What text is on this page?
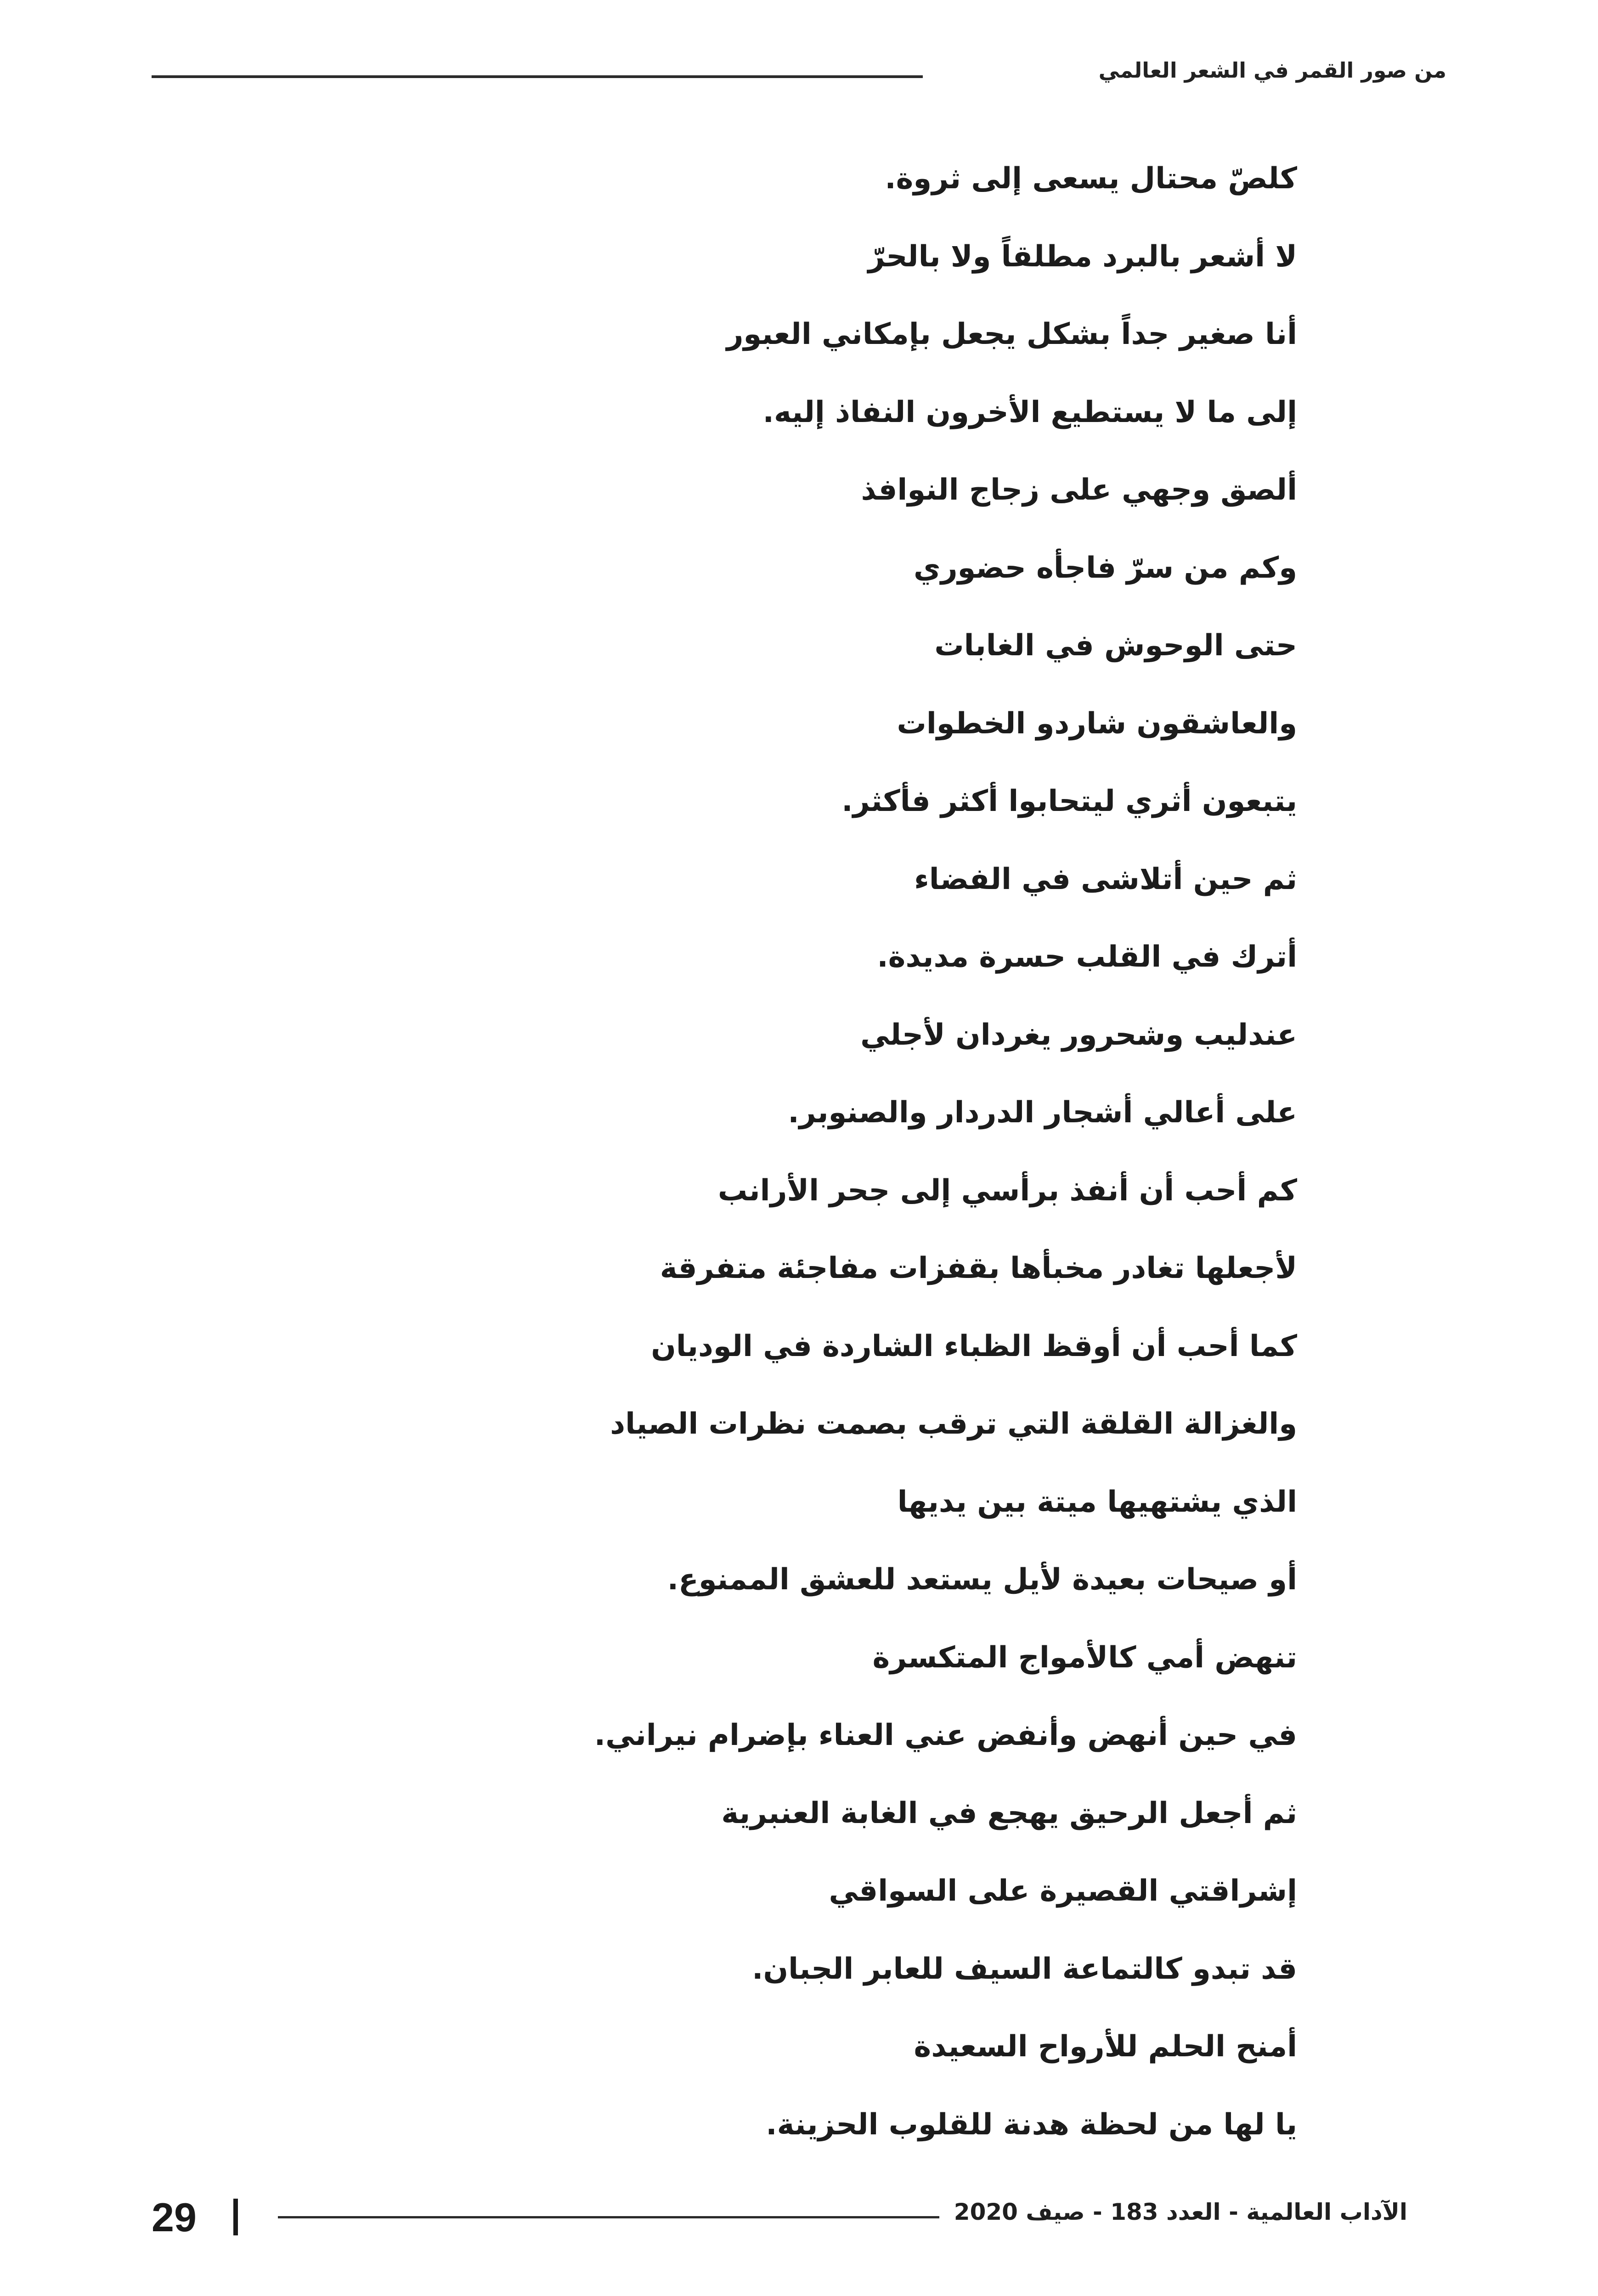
من صور القمر في الشعر العالمي
كلصّ محتال يسعى إلى ثروة.
لا أشعر بالبرد مطلقاً ولا بالحرّ
أنا صغير جداً بشكل يجعل بإمكاني العبور
إلى ما لا يستطيع الأخرون النفاذ إليه.
ألصق وجهي على زجاج النوافذ
وكم من سرّ فاجأه حضوري
حتى الوحوش في الغابات
والعاشقون شاردو الخطوات
يتبعون أثري ليتحابوا أكثر فأكثر.
ثم حين أتلاشى في الفضاء
أترك في القلب حسرة مديدة.
عندليب وشحرور يغردان لأجلي
على أعالي أشجار الدردار والصنوبر.
كم أحب أن أنفذ برأسي إلى جحر الأرانب
لأجعلها تغادر مخبأها بقفزات مفاجئة متفرقة
كما أحب أن أوقظ الظباء الشاردة في الوديان
والغزالة القلقة التي ترقب بصمت نظرات الصياد
الذي يشتهيها ميتة بين يديها
أو صيحات بعيدة لأيل يستعد للعشق الممنوع.
تنهض أمي كالأمواج المتكسرة
في حين أنهض وأنفض عني العناء بإضرام نيراني.
ثم أجعل الرحيق يهجع في الغابة العنبرية
إشراقتي القصيرة على السواقي
قد تبدو كالتماعة السيف للعابر الجبان.
أمنح الحلم للأرواح السعيدة
يا لها من لحظة هدنة للقلوب الحزينة.
الآداب العالمية - العدد 183 - صيف 2020
29
